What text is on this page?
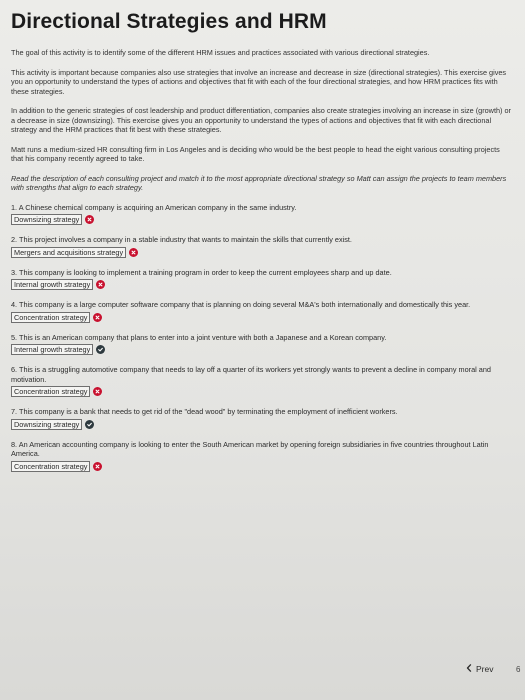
Directional Strategies and HRM

The goal of this activity is to identify some of the different HRM issues and practices associated with various directional strategies.

This activity is important because companies also use strategies that involve an increase and decrease in size (directional strategies). This exercise gives you an opportunity to understand the types of actions and objectives that fit with each of the four directional strategies, and how HRM practices fits with these strategies.

In addition to the generic strategies of cost leadership and product differentiation, companies also create strategies involving an increase in size (growth) or a decrease in size (downsizing). This exercise gives you an opportunity to understand the types of actions and objectives that fit with each directional strategy and the HRM practices that fit best with these strategies.

Matt runs a medium-sized HR consulting firm in Los Angeles and is deciding who would be the best people to head the eight various consulting projects that his company recently agreed to take.

Read the description of each consulting project and match it to the most appropriate directional strategy so Matt can assign the projects to team members with strengths that align to each strategy.

1. A Chinese chemical company is acquiring an American company in the same industry.
Downsizing strategy
2. This project involves a company in a stable industry that wants to maintain the skills that currently exist.
Mergers and acquisitions strategy
3. This company is looking to implement a training program in order to keep the current employees sharp and up date.
Internal growth strategy
4. This company is a large computer software company that is planning on doing several M&A's both internationally and domestically this year.
Concentration strategy
5. This is an American company that plans to enter into a joint venture with both a Japanese and a Korean company.
Internal growth strategy
6. This is a struggling automotive company that needs to lay off a quarter of its workers yet strongly wants to prevent a decline in company moral and motivation.
Concentration strategy
7. This company is a bank that needs to get rid of the "dead wood" by terminating the employment of inefficient workers.
Downsizing strategy
8. An American accounting company is looking to enter the South American market by opening foreign subsidiaries in five countries throughout Latin America.
Concentration strategy
Prev	6
